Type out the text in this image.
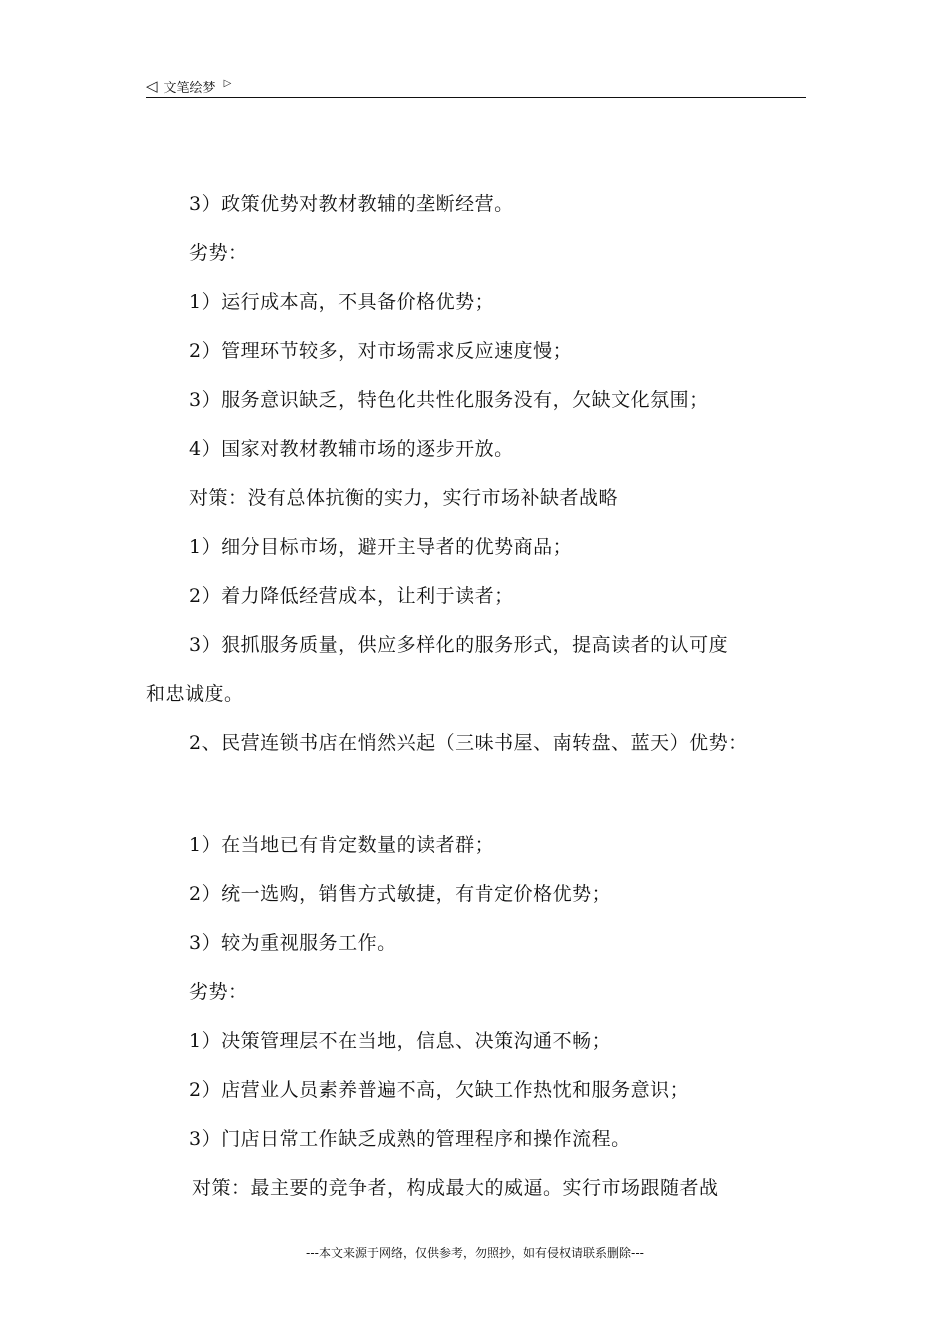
◁ 文笔绘梦 ▷

3）政策优势对教材教辅的垄断经营。

劣势：

1）运行成本高，不具备价格优势；

2）管理环节较多，对市场需求反应速度慢；

3）服务意识缺乏，特色化共性化服务没有，欠缺文化氛围；

4）国家对教材教辅市场的逐步开放。

对策：没有总体抗衡的实力，实行市场补缺者战略

1）细分目标市场，避开主导者的优势商品；

2）着力降低经营成本，让利于读者；

3）狠抓服务质量，供应多样化的服务形式，提高读者的认可度

和忠诚度。

2、民营连锁书店在悄然兴起（三味书屋、南转盘、蓝天）优势：

1）在当地已有肯定数量的读者群；

2）统一选购，销售方式敏捷，有肯定价格优势；

3）较为重视服务工作。

劣势：

1）决策管理层不在当地，信息、决策沟通不畅；

2）店营业人员素养普遍不高，欠缺工作热忱和服务意识；

3）门店日常工作缺乏成熟的管理程序和操作流程。

对策：最主要的竞争者，构成最大的威逼。实行市场跟随者战

---本文来源于网络，仅供参考，勿照抄，如有侵权请联系删除---
